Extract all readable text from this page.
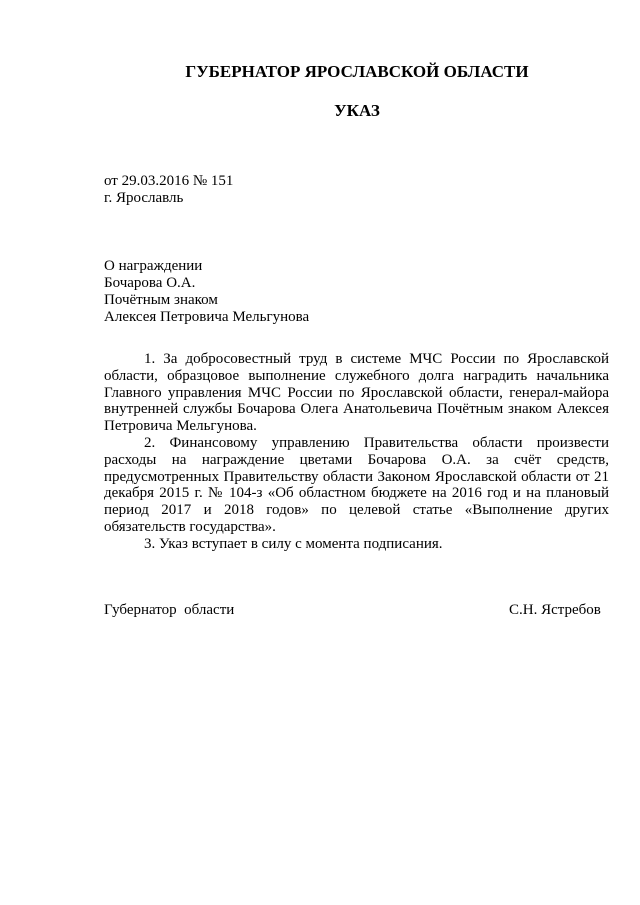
ГУБЕРНАТОР ЯРОСЛАВСКОЙ ОБЛАСТИ
УКАЗ
от 29.03.2016 № 151
г. Ярославль
О награждении
Бочарова О.А.
Почётным знаком
Алексея Петровича Мельгунова

1. За добросовестный труд в системе МЧС России по Ярославской области, образцовое выполнение служебного долга наградить начальника Главного управления МЧС России по Ярославской области, генерал-майора внутренней службы Бочарова Олега Анатольевича Почётным знаком Алексея Петровича Мельгунова.

2. Финансовому управлению Правительства области произвести расходы на награждение цветами Бочарова О.А. за счёт средств, предусмотренных Правительству области Законом Ярославской области от 21 декабря 2015 г. № 104-з «Об областном бюджете на 2016 год и на плановый период 2017 и 2018 годов» по целевой статье «Выполнение других обязательств государства».

3. Указ вступает в силу с момента подписания.

Губернатор  области	С.Н. Ястребов
